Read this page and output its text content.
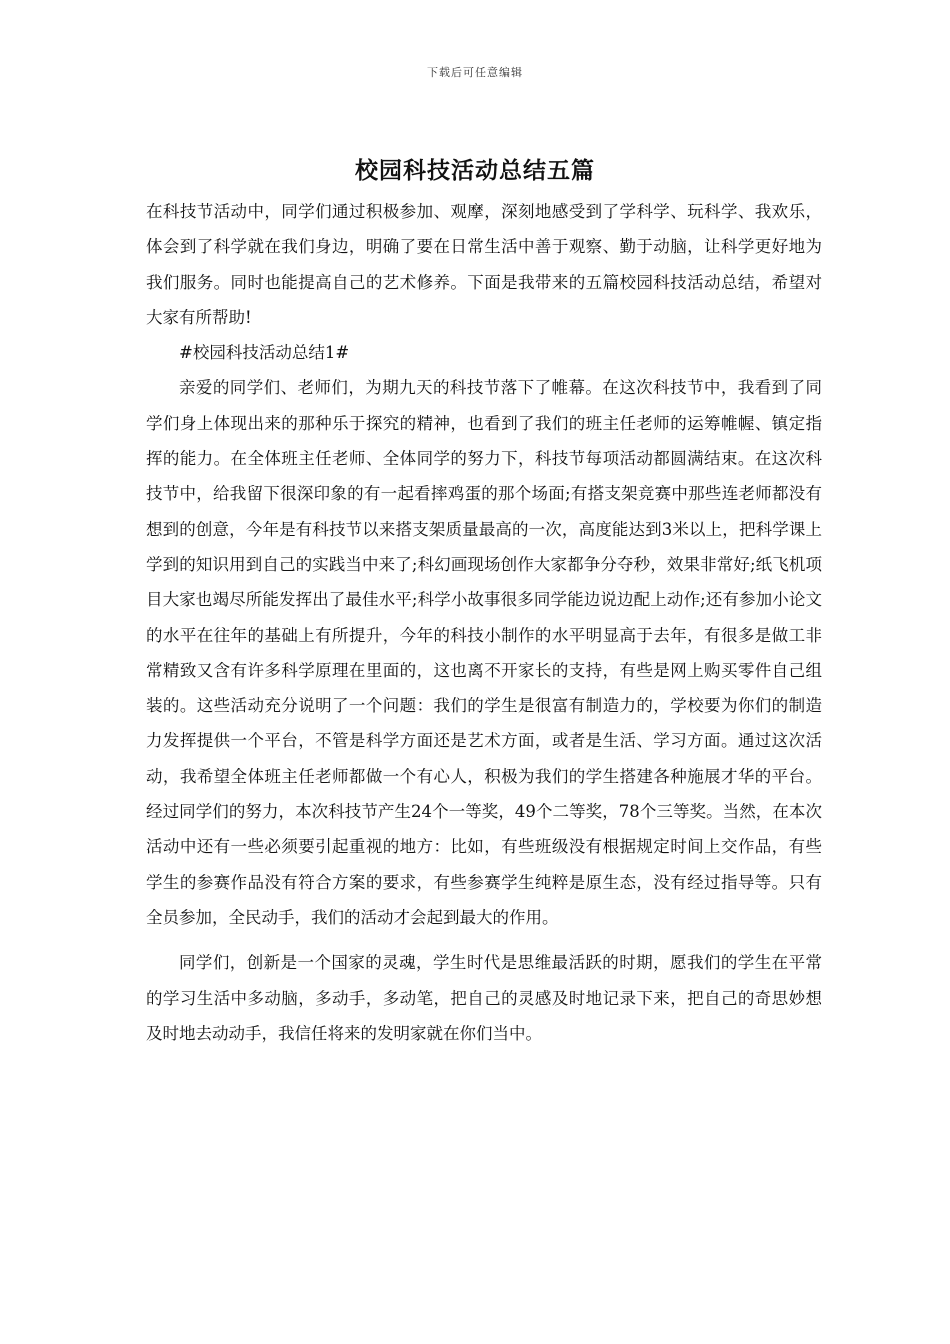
下载后可任意编辑
校园科技活动总结五篇

在科技节活动中，同学们通过积极参加、观摩，深刻地感受到了学科学、玩科学、我欢乐，体会到了科学就在我们身边，明确了要在日常生活中善于观察、勤于动脑，让科学更好地为我们服务。同时也能提高自己的艺术修养。下面是我带来的五篇校园科技活动总结，希望对大家有所帮助!

#校园科技活动总结1#

亲爱的同学们、老师们，为期九天的科技节落下了帷幕。在这次科技节中，我看到了同学们身上体现出来的那种乐于探究的精神，也看到了我们的班主任老师的运筹帷幄、镇定指挥的能力。在全体班主任老师、全体同学的努力下，科技节每项活动都圆满结束。在这次科技节中，给我留下很深印象的有一起看摔鸡蛋的那个场面;有搭支架竞赛中那些连老师都没有想到的创意，今年是有科技节以来搭支架质量最高的一次，高度能达到3米以上，把科学课上学到的知识用到自己的实践当中来了;科幻画现场创作大家都争分夺秒，效果非常好;纸飞机项目大家也竭尽所能发挥出了最佳水平;科学小故事很多同学能边说边配上动作;还有参加小论文的水平在往年的基础上有所提升，今年的科技小制作的水平明显高于去年，有很多是做工非常精致又含有许多科学原理在里面的，这也离不开家长的支持，有些是网上购买零件自己组装的。这些活动充分说明了一个问题：我们的学生是很富有制造力的，学校要为你们的制造力发挥提供一个平台，不管是科学方面还是艺术方面，或者是生活、学习方面。通过这次活动，我希望全体班主任老师都做一个有心人，积极为我们的学生搭建各种施展才华的平台。经过同学们的努力，本次科技节产生24个一等奖，49个二等奖，78个三等奖。当然，在本次活动中还有一些必须要引起重视的地方：比如，有些班级没有根据规定时间上交作品，有些学生的参赛作品没有符合方案的要求，有些参赛学生纯粹是原生态，没有经过指导等。只有全员参加，全民动手，我们的活动才会起到最大的作用。

同学们，创新是一个国家的灵魂，学生时代是思维最活跃的时期，愿我们的学生在平常的学习生活中多动脑，多动手，多动笔，把自己的灵感及时地记录下来，把自己的奇思妙想及时地去动动手，我信任将来的发明家就在你们当中。
